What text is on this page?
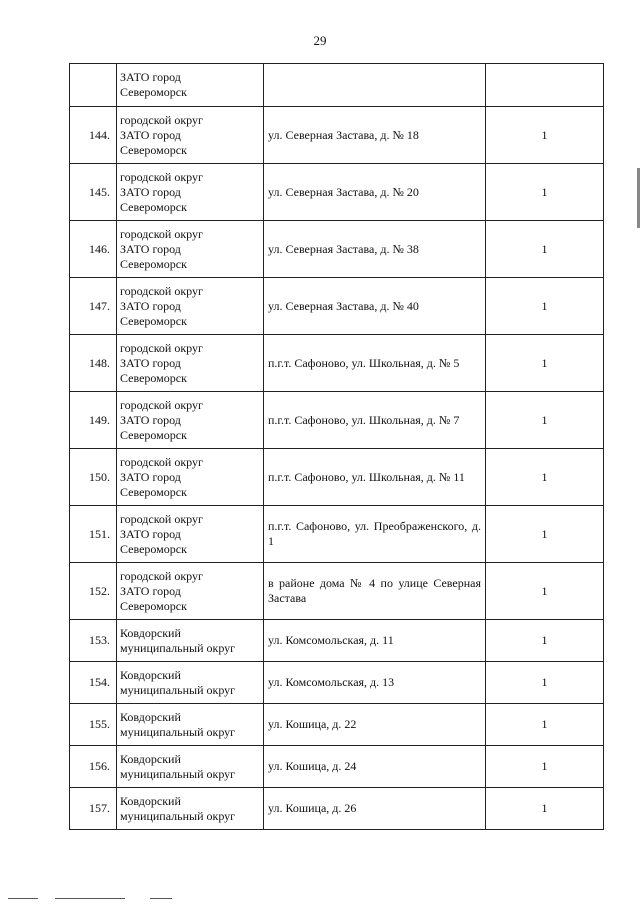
29
	ЗАТО город
Североморск		
144.	городской округ
ЗАТО город
Североморск	ул. Северная Застава, д. № 18	1
145.	городской округ
ЗАТО город
Североморск	ул. Северная Застава, д. № 20	1
146.	городской округ
ЗАТО город
Североморск	ул. Северная Застава, д. № 38	1
147.	городской округ
ЗАТО город
Североморск	ул. Северная Застава, д. № 40	1
148.	городской округ
ЗАТО город
Североморск	п.г.т. Сафоново, ул. Школьная, д. № 5	1
149.	городской округ
ЗАТО город
Североморск	п.г.т. Сафоново, ул. Школьная, д. № 7	1
150.	городской округ
ЗАТО город
Североморск	п.г.т. Сафоново, ул. Школьная, д. № 11	1
151.	городской округ
ЗАТО город
Североморск	п.г.т. Сафоново, ул. Преображенского, д. 1	1
152.	городской округ
ЗАТО город
Североморск	в районе дома № 4 по улице Северная Застава	1
153.	Ковдорский
муниципальный округ	ул. Комсомольская, д. 11	1
154.	Ковдорский
муниципальный округ	ул. Комсомольская, д. 13	1
155.	Ковдорский
муниципальный округ	ул. Кошица, д. 22	1
156.	Ковдорский
муниципальный округ	ул. Кошица, д. 24	1
157.	Ковдорский
муниципальный округ	ул. Кошица, д. 26	1
